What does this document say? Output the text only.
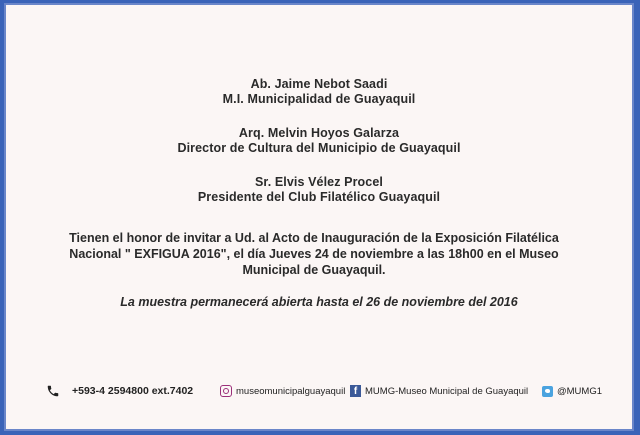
Ab. Jaime Nebot Saadi
M.I. Municipalidad de Guayaquil
Arq. Melvin Hoyos Galarza
Director de Cultura del Municipio de Guayaquil
Sr. Elvis Vélez Procel
Presidente del Club Filatélico Guayaquil
Tienen el honor de invitar a Ud. al Acto de Inauguración de la Exposición Filatélica
Nacional " EXFIGUA 2016", el día Jueves 24 de noviembre a las 18h00 en el Museo
Municipal de Guayaquil.
La muestra permanecerá abierta hasta el 26 de noviembre del 2016
+593-4 2594800 ext.7402	museomunicipalguayaquil f MUMG-Museo Municipal de Guayaquil	@MUMG1
